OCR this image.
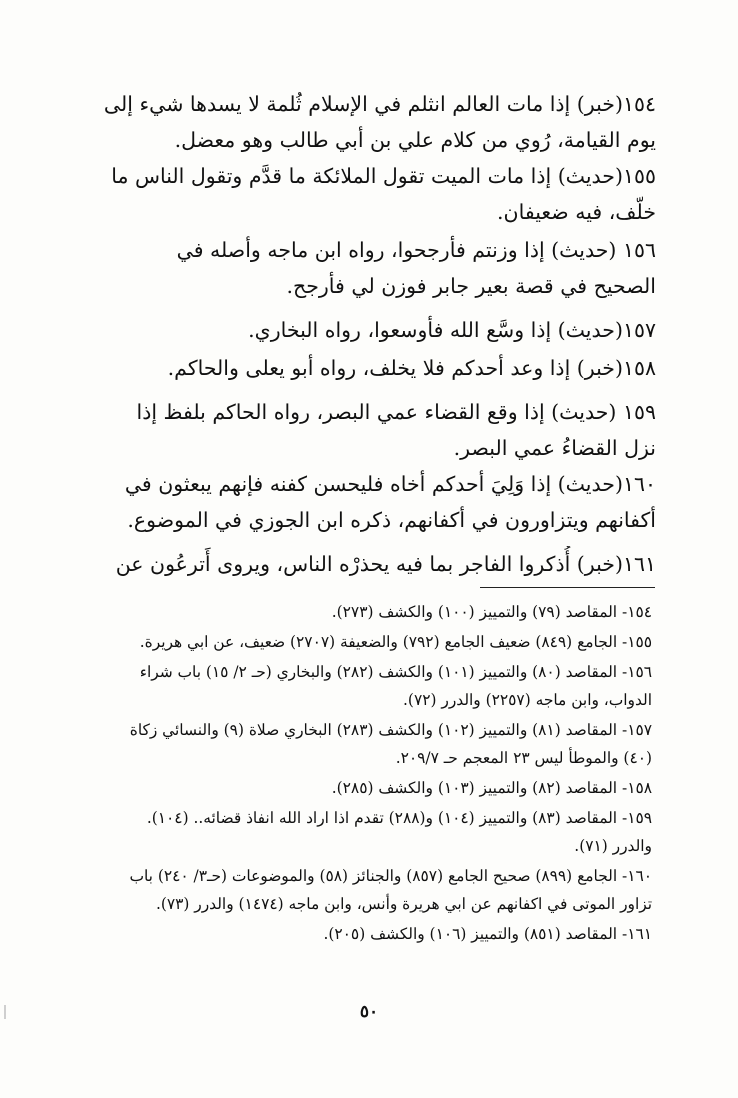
١٥٤(خبر) إذا مات العالم انثلم في الإسلام ثُلمة لا يسدها شيء إلى
يوم القيامة، رُوي من كلام علي بن أبي طالب وهو معضل.
١٥٥(حديث) إذا مات الميت تقول الملائكة ما قدَّم وتقول الناس ما
خلّف، فيه ضعيفان.
١٥٦ (حديث) إذا وزنتم فأرجحوا، رواه ابن ماجه وأصله في
الصحيح في قصة بعير جابر فوزن لي فأرجح.
١٥٧(حديث) إذا وسَّع الله فأوسعوا، رواه البخاري.
١٥٨(خبر) إذا وعد أحدكم فلا يخلف، رواه أبو يعلى والحاكم.
١٥٩ (حديث) إذا وقع القضاء عمي البصر، رواه الحاكم بلفظ إذا
نزل القضاءُ عمي البصر.
١٦٠(حديث) إذا وَلِيَ أحدكم أخاه فليحسن كفنه فإنهم يبعثون في
أكفانهم ويتزاورون في أكفانهم، ذكره ابن الجوزي في الموضوع.
١٦١(خبر) أُذكروا الفاجر بما فيه يحذرْه الناس، ويروى أَترعُون عن
١٥٤- المقاصد (٧٩) والتمييز (١٠٠) والكشف (٢٧٣).
١٥٥- الجامع (٨٤٩) ضعيف الجامع (٧٩٢) والضعيفة (٢٧٠٧) ضعيف، عن ابي هريرة.
١٥٦- المقاصد (٨٠) والتمييز (١٠١) والكشف (٢٨٢) والبخاري (حـ ٢/ ١٥) باب شراء
الدواب، وابن ماجه (٢٢٥٧) والدرر (٧٢).
١٥٧- المقاصد (٨١) والتمييز (١٠٢) والكشف (٢٨٣) البخاري صلاة (٩) والنسائي زكاة
(٤٠) والموطأ ليس ٢٣ المعجم حـ ٢٠٩/٧.
١٥٨- المقاصد (٨٢) والتمييز (١٠٣) والكشف (٢٨٥).
١٥٩- المقاصد (٨٣) والتمييز (١٠٤) و(٢٨٨) تقدم اذا اراد الله انفاذ قضائه.. (١٠٤).
والدرر (٧١).
١٦٠- الجامع (٨٩٩) صحيح الجامع (٨٥٧) والجنائز (٥٨) والموضوعات (حـ٣/ ٢٤٠) باب
تزاور الموتى في اكفانهم عن ابي هريرة وأنس، وابن ماجه (١٤٧٤) والدرر (٧٣).
١٦١- المقاصد (٨٥١) والتمييز (١٠٦) والكشف (٢٠٥).
٥٠
